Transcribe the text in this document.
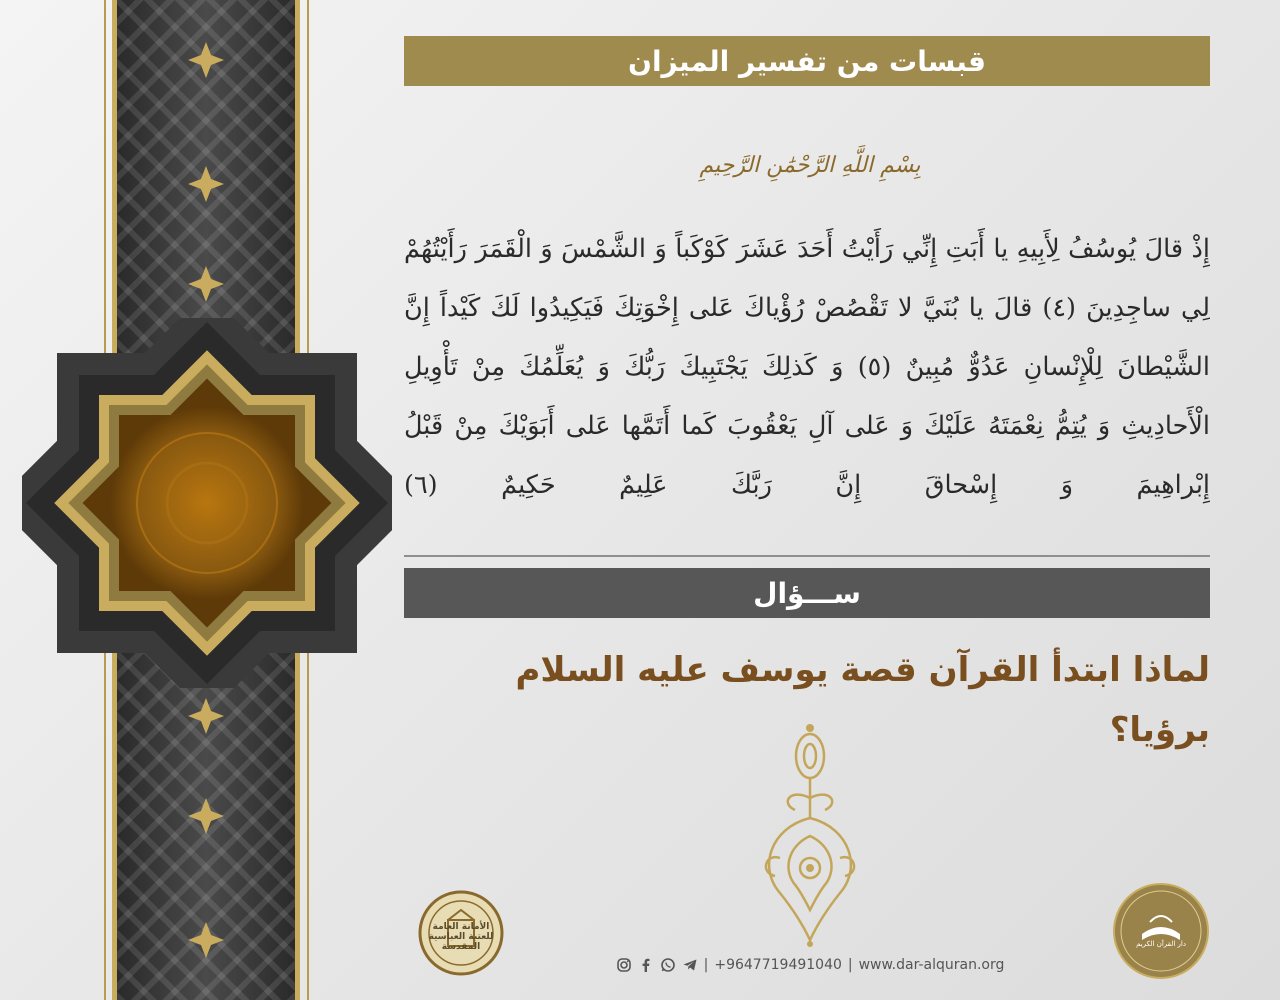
قبسات من تفسير الميزان
بِسْمِ اللَّهِ الرَّحْمَٰنِ الرَّحِيمِ
إِذْ قالَ يُوسُفُ لِأَبِيهِ يا أَبَتِ إِنِّي رَأَيْتُ أَحَدَ عَشَرَ كَوْكَباً وَ الشَّمْسَ وَ الْقَمَرَ رَأَيْتُهُمْ لِي ساجِدِينَ (٤) قالَ يا بُنَيَّ لا تَقْصُصْ رُؤْياكَ عَلى إِخْوَتِكَ فَيَكِيدُوا لَكَ كَيْداً إِنَّ الشَّيْطانَ لِلْإِنْسانِ عَدُوٌّ مُبِينٌ (٥) وَ كَذلِكَ يَجْتَبِيكَ رَبُّكَ وَ يُعَلِّمُكَ مِنْ تَأْوِيلِ الْأَحادِيثِ وَ يُتِمُّ نِعْمَتَهُ عَلَيْكَ وَ عَلى آلِ يَعْقُوبَ كَما أَتَمَّها عَلى أَبَوَيْكَ مِنْ قَبْلُ إِبْراهِيمَ وَ إِسْحاقَ إِنَّ رَبَّكَ عَلِيمٌ حَكِيمٌ (٦)
ســـؤال
لماذا ابتدأ القرآن قصة يوسف عليه السلام برؤيا؟
الأمانة العامة للعتبة العباسية المقدسة	دار القرآن الكريم
| +9647719491040 | www.dar-alquran.org
